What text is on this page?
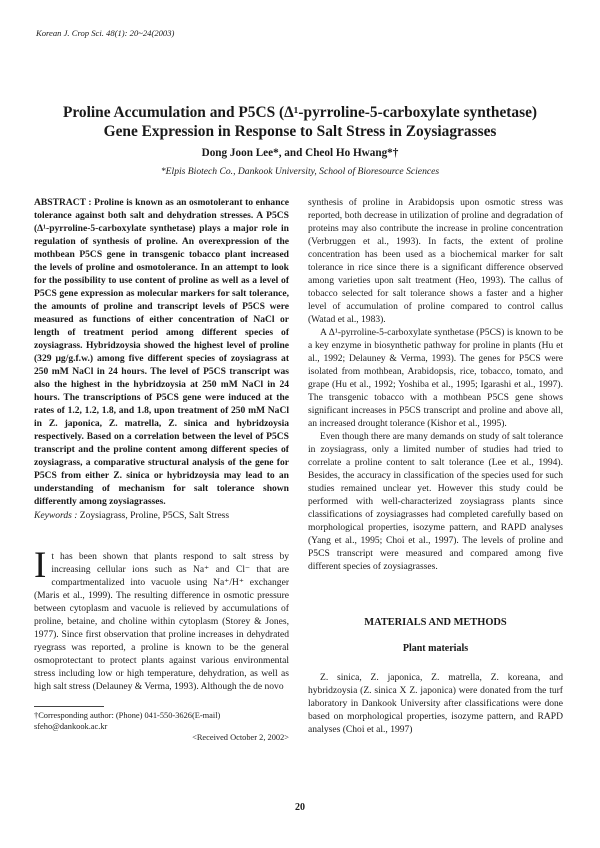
Korean J. Crop Sci. 48(1): 20~24(2003)
Proline Accumulation and P5CS (Δ¹-pyrroline-5-carboxylate synthetase)
Gene Expression in Response to Salt Stress in Zoysiagrasses
Dong Joon Lee*, and Cheol Ho Hwang*†
*Elpis Biotech Co., Dankook University, School of Bioresource Sciences
ABSTRACT : Proline is known as an osmotolerant to enhance tolerance against both salt and dehydration stresses. A P5CS (Δ¹-pyrroline-5-carboxylate synthetase) plays a major role in regulation of synthesis of proline. An overexpression of the mothbean P5CS gene in transgenic tobacco plant increased the levels of proline and osmotolerance. In an attempt to look for the possibility to use content of proline as well as a level of P5CS gene expression as molecular markers for salt tolerance, the amounts of proline and transcript levels of P5CS were measured as functions of either concentration of NaCl or length of treatment period among different species of zoysiagrass. Hybridzoysia showed the highest level of proline (329 μg/g.f.w.) among five different species of zoysiagrass at 250 mM NaCl in 24 hours. The level of P5CS transcript was also the highest in the hybridzoysia at 250 mM NaCl in 24 hours. The transcriptions of P5CS gene were induced at the rates of 1.2, 1.2, 1.8, and 1.8, upon treatment of 250 mM NaCl in Z. japonica, Z. matrella, Z. sinica and hybridzoysia respectively. Based on a correlation between the level of P5CS transcript and the proline content among different species of zoysiagrass, a comparative structural analysis of the gene for P5CS from either Z. sinica or hybridzoysia may lead to an understanding of mechanism for salt tolerance shown differently among zoysiagrasses.
Keywords : Zoysiagrass, Proline, P5CS, Salt Stress

It has been shown that plants respond to salt stress by increasing cellular ions such as Na⁺ and Cl⁻ that are compartmentalized into vacuole using Na⁺/H⁺ exchanger (Maris et al., 1999). The resulting difference in osmotic pressure between cytoplasm and vacuole is relieved by accumulations of proline, betaine, and choline within cytoplasm (Storey & Jones, 1977). Since first observation that proline increases in dehydrated ryegrass was reported, a proline is known to be the general osmoprotectant to protect plants against various environmental stress including low or high temperature, dehydration, as well as high salt stress (Delauney & Verma, 1993). Although the de novo

†Corresponding author: (Phone) 041-550-3626(E-mail) sfeho@dankook.ac.kr
<Received October 2, 2002>

synthesis of proline in Arabidopsis upon osmotic stress was reported, both decrease in utilization of proline and degradation of proteins may also contribute the increase in proline concentration (Verbruggen et al., 1993). In facts, the extent of proline concentration has been used as a biochemical marker for salt tolerance in rice since there is a significant difference observed among varieties upon salt treatment (Heo, 1993). The callus of tobacco selected for salt tolerance shows a faster and a higher level of accumulation of proline compared to control callus (Watad et al., 1983).

A Δ¹-pyrroline-5-carboxylate synthetase (P5CS) is known to be a key enzyme in biosynthetic pathway for proline in plants (Hu et al., 1992; Delauney & Verma, 1993). The genes for P5CS were isolated from mothbean, Arabidopsis, rice, tobacco, tomato, and grape (Hu et al., 1992; Yoshiba et al., 1995; Igarashi et al., 1997). The transgenic tobacco with a mothbean P5CS gene shows significant increases in P5CS transcript and proline and above all, an increased drought tolerance (Kishor et al., 1995).

Even though there are many demands on study of salt tolerance in zoysiagrass, only a limited number of studies had tried to correlate a proline content to salt tolerance (Lee et al., 1994). Besides, the accuracy in classification of the species used for such studies remained unclear yet. However this study could be performed with well-characterized zoysiagrass plants since classifications of zoysiagrasses had completed carefully based on morphological properties, isozyme pattern, and RAPD analyses (Yang et al., 1995; Choi et al., 1997). The levels of proline and P5CS transcript were measured and compared among five different species of zoysiagrasses.

MATERIALS AND METHODS
Plant materials

Z. sinica, Z. japonica, Z. matrella, Z. koreana, and hybridzoysia (Z. sinica X Z. japonica) were donated from the turf laboratory in Dankook University after classifications were done based on morphological properties, isozyme pattern, and RAPD analyses (Choi et al., 1997)

20
